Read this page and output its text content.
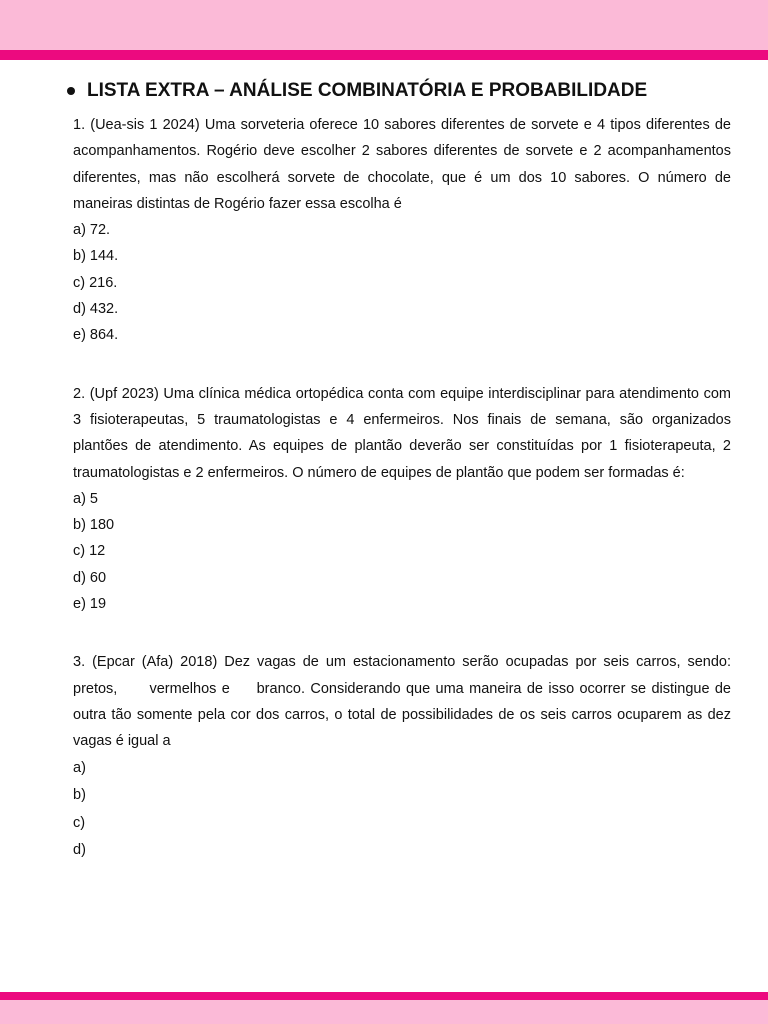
LISTA EXTRA – ANÁLISE COMBINATÓRIA E PROBABILIDADE
1. (Uea-sis 1 2024) Uma sorveteria oferece 10 sabores diferentes de sorvete e 4 tipos diferentes de acompanhamentos. Rogério deve escolher 2 sabores diferentes de sorvete e 2 acompanhamentos diferentes, mas não escolherá sorvete de chocolate, que é um dos 10 sabores. O número de maneiras distintas de Rogério fazer essa escolha é
a) 72.
b) 144.
c) 216.
d) 432.
e) 864.
2. (Upf 2023) Uma clínica médica ortopédica conta com equipe interdisciplinar para atendimento com 3 fisioterapeutas, 5 traumatologistas e 4 enfermeiros. Nos finais de semana, são organizados plantões de atendimento. As equipes de plantão deverão ser constituídas por 1 fisioterapeuta, 2 traumatologistas e 2 enfermeiros. O número de equipes de plantão que podem ser formadas é:
a) 5
b) 180
c) 12
d) 60
e) 19
3. (Epcar (Afa) 2018) Dez vagas de um estacionamento serão ocupadas por seis carros, sendo: pretos,      vermelhos e     branco. Considerando que uma maneira de isso ocorrer se distingue de outra tão somente pela cor dos carros, o total de possibilidades de os seis carros ocuparem as dez vagas é igual a
a)
b)
c)
d)
